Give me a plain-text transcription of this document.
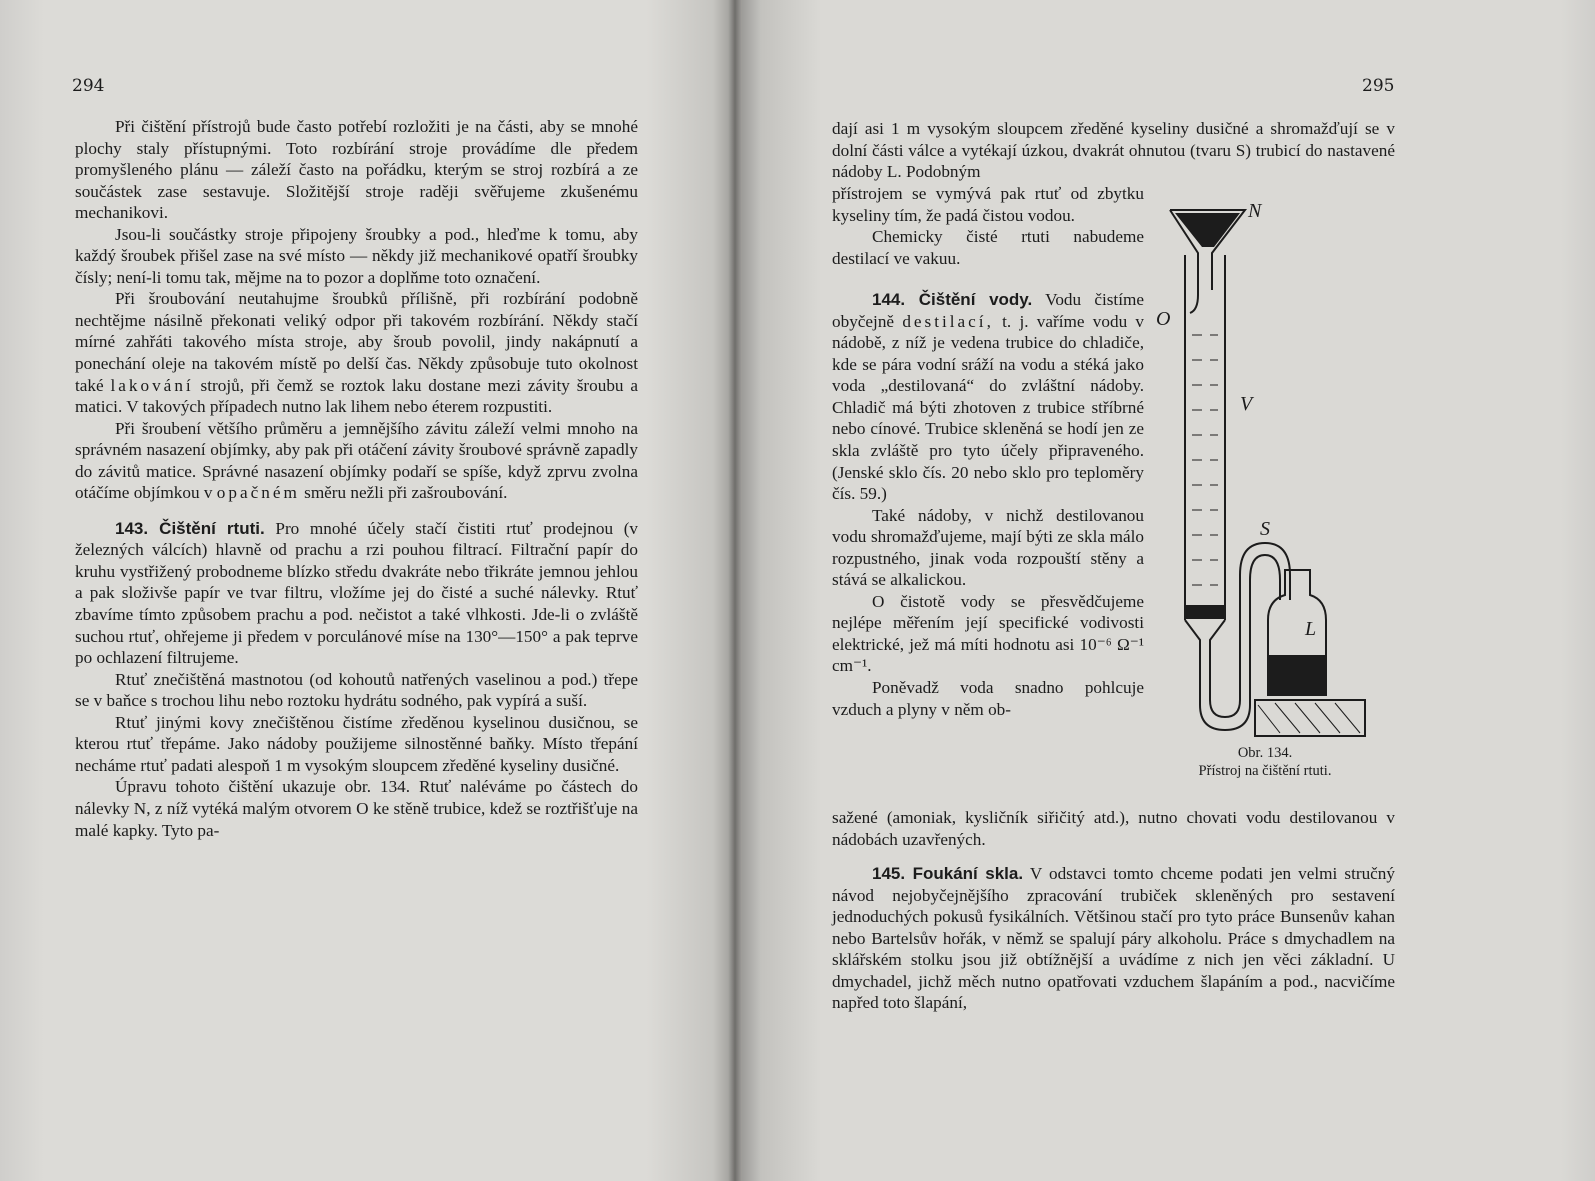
294

Při čištění přístrojů bude často potřebí rozložiti je na části, aby se mnohé plochy staly přístupnými. Toto rozbírání stroje provádíme dle předem promyšleného plánu — záleží často na pořádku, kterým se stroj rozbírá a ze součástek zase sestavuje. Složitější stroje raději svěřujeme zkušenému mechanikovi.

Jsou-li součástky stroje připojeny šroubky a pod., hleďme k tomu, aby každý šroubek přišel zase na své místo — někdy již mechanikové opatří šroubky čísly; není-li tomu tak, mějme na to pozor a doplňme toto označení.

Při šroubování neutahujme šroubků přílišně, při rozbírání podobně nechtějme násilně překonati veliký odpor při takovém rozbírání. Někdy stačí mírné zahřáti takového místa stroje, aby šroub povolil, jindy nakápnutí a ponechání oleje na takovém místě po delší čas. Někdy způsobuje tuto okolnost také lakování strojů, při čemž se roztok laku dostane mezi závity šroubu a matici. V takových případech nutno lak lihem nebo éterem rozpustiti.

Při šroubení většího průměru a jemnějšího závitu záleží velmi mnoho na správném nasazení objímky, aby pak při otáčení závity šroubové správně zapadly do závitů matice. Správné nasazení objímky podaří se spíše, když zprvu zvolna otáčíme objímkou v opačném směru nežli při zašroubování.

143. Čištění rtuti. Pro mnohé účely stačí čistiti rtuť prodejnou (v železných válcích) hlavně od prachu a rzi pouhou filtrací. Filtrační papír do kruhu vystřižený probodneme blízko středu dvakráte nebo třikráte jemnou jehlou a pak složivše papír ve tvar filtru, vložíme jej do čisté a suché nálevky. Rtuť zbavíme tímto způsobem prachu a pod. nečistot a také vlhkosti. Jde-li o zvláště suchou rtuť, ohřejeme ji předem v porculánové míse na 130°—150° a pak teprve po ochlazení filtrujeme.

Rtuť znečištěná mastnotou (od kohoutů natřených vaselinou a pod.) třepe se v baňce s trochou lihu nebo roztoku hydrátu sodného, pak vypírá a suší.

Rtuť jinými kovy znečištěnou čistíme zředěnou kyselinou dusičnou, se kterou rtuť třepáme. Jako nádoby použijeme silnostěnné baňky. Místo třepání necháme rtuť padati alespoň 1 m vysokým sloupcem zředěné kyseliny dusičné.

Úpravu tohoto čištění ukazuje obr. 134. Rtuť naléváme po částech do nálevky N, z níž vytéká malým otvorem O ke stěně trubice, kdež se roztřišťuje na malé kapky. Tyto pa-

295

dají asi 1 m vysokým sloupcem zředěné kyseliny dusičné a shromažďují se v dolní části válce a vytékají úzkou, dvakrát ohnutou (tvaru S) trubicí do nastavené nádoby L. Podobným

přístrojem se vymývá pak rtuť od zbytku kyseliny tím, že padá čistou vodou.

Chemicky čisté rtuti nabudeme destilací ve vakuu.

144. Čištění vody. Vodu čistíme obyčejně destilací, t. j. vaříme vodu v nádobě, z níž je vedena trubice do chladiče, kde se pára vodní sráží na vodu a stéká jako voda „destilovaná“ do zvláštní nádoby. Chladič má býti zhotoven z trubice stříbrné nebo cínové. Trubice skleněná se hodí jen ze skla zvláště pro tyto účely připraveného. (Jenské sklo čís. 20 nebo sklo pro teploměry čís. 59.)

Také nádoby, v nichž destilovanou vodu shromažďujeme, mají býti ze skla málo rozpustného, jinak voda rozpouští stěny a stává se alkalickou.

O čistotě vody se přesvědčujeme nejlépe měřením její specifické vodivosti elektrické, jež má míti hodnotu asi 10⁻⁶ Ω⁻¹ cm⁻¹.

Poněvadž voda snadno pohlcuje vzduch a plyny v něm ob-

sažené (amoniak, kysličník siřičitý atd.), nutno chovati vodu destilovanou v nádobách uzavřených.

145. Foukání skla. V odstavci tomto chceme podati jen velmi stručný návod nejobyčejnějšího zpracování trubiček skleněných pro sestavení jednoduchých pokusů fysikálních. Většinou stačí pro tyto práce Bunsenův kahan nebo Bartelsův hořák, v němž se spalují páry alkoholu. Práce s dmychadlem na sklářském stolku jsou již obtížnější a uvádíme z nich jen věci základní. U dmychadel, jichž měch nutno opatřovati vzduchem šlapáním a pod., nacvičíme napřed toto šlapání,

N
O
V
S
L
Obr. 134.
Přístroj na čištění rtuti.
